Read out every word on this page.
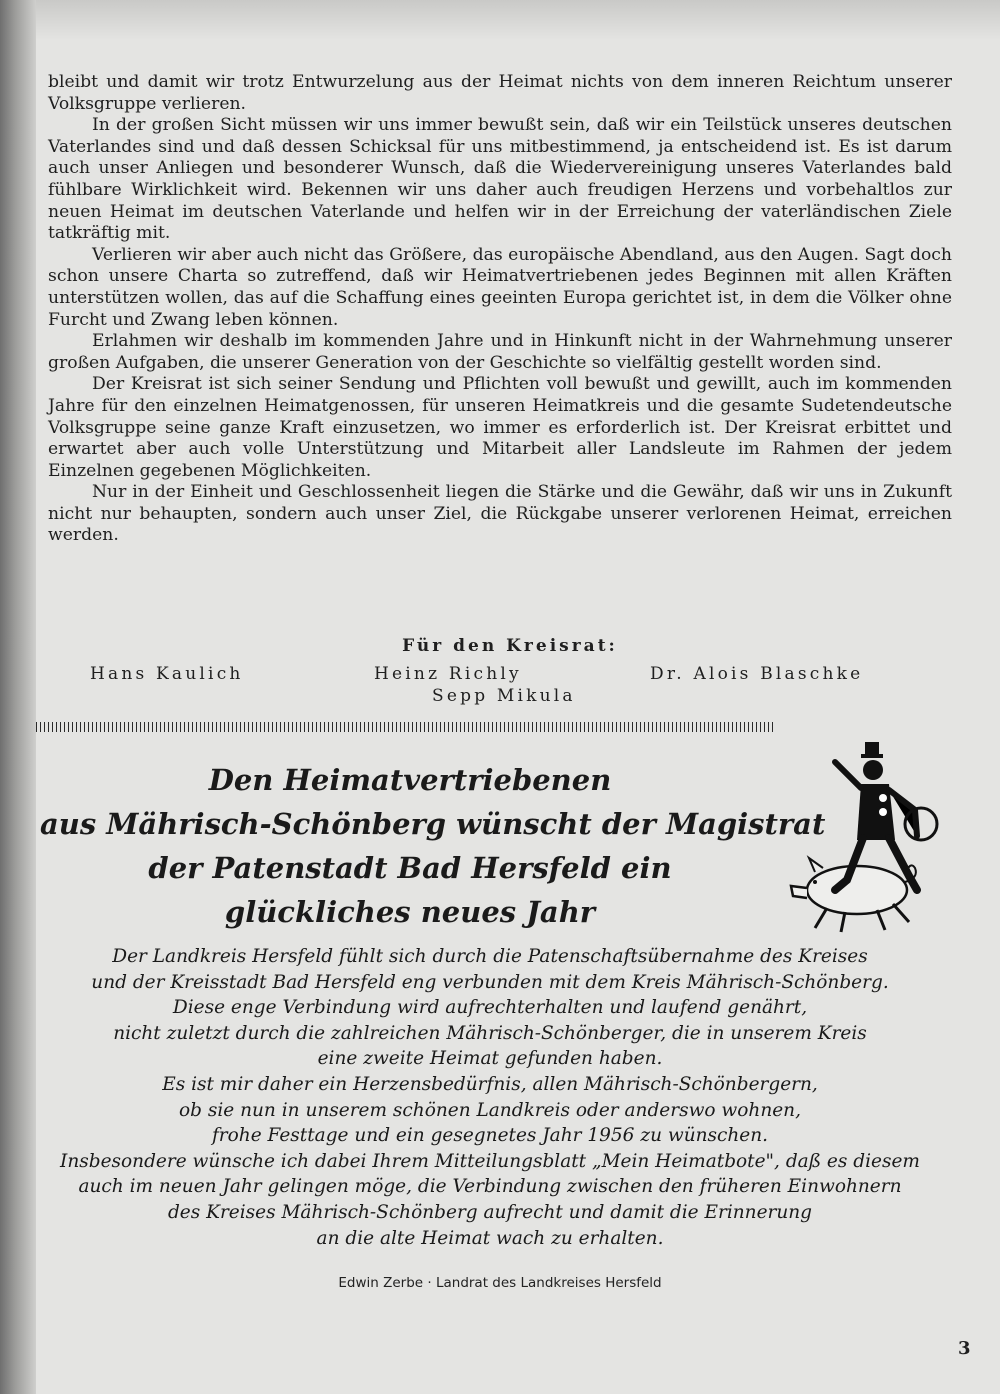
bleibt und damit wir trotz Entwurzelung aus der Heimat nichts von dem inneren Reichtum unserer Volksgruppe verlieren.

In der großen Sicht müssen wir uns immer bewußt sein, daß wir ein Teilstück unseres deutschen Vaterlandes sind und daß dessen Schicksal für uns mitbestimmend, ja entscheidend ist. Es ist darum auch unser Anliegen und besonderer Wunsch, daß die Wiedervereinigung unseres Vaterlandes bald fühlbare Wirklichkeit wird. Bekennen wir uns daher auch freudigen Herzens und vorbehaltlos zur neuen Heimat im deutschen Vaterlande und helfen wir in der Erreichung der vaterländischen Ziele tatkräftig mit.

Verlieren wir aber auch nicht das Größere, das europäische Abendland, aus den Augen. Sagt doch schon unsere Charta so zutreffend, daß wir Heimatvertriebenen jedes Beginnen mit allen Kräften unterstützen wollen, das auf die Schaffung eines geeinten Europa gerichtet ist, in dem die Völker ohne Furcht und Zwang leben können.

Erlahmen wir deshalb im kommenden Jahre und in Hinkunft nicht in der Wahrnehmung unserer großen Aufgaben, die unserer Generation von der Geschichte so vielfältig gestellt worden sind.

Der Kreisrat ist sich seiner Sendung und Pflichten voll bewußt und gewillt, auch im kommenden Jahre für den einzelnen Heimatgenossen, für unseren Heimatkreis und die gesamte Sudetendeutsche Volksgruppe seine ganze Kraft einzusetzen, wo immer es erforderlich ist. Der Kreisrat erbittet und erwartet aber auch volle Unterstützung und Mitarbeit aller Landsleute im Rahmen der jedem Einzelnen gegebenen Möglichkeiten.

Nur in der Einheit und Geschlossenheit liegen die Stärke und die Gewähr, daß wir uns in Zukunft nicht nur behaupten, sondern auch unser Ziel, die Rückgabe unserer verlorenen Heimat, erreichen werden.

Für den Kreisrat:
Hans Kaulich	Heinz Richly	Dr. Alois Blaschke
Sepp Mikula
Den Heimatvertriebenen
aus Mährisch-Schönberg wünscht der Magistrat
der Patenstadt Bad Hersfeld ein
glückliches neues Jahr
Der Landkreis Hersfeld fühlt sich durch die Patenschaftsübernahme des Kreises
und der Kreisstadt Bad Hersfeld eng verbunden mit dem Kreis Mährisch-Schönberg.
Diese enge Verbindung wird aufrechterhalten und laufend genährt,
nicht zuletzt durch die zahlreichen Mährisch-Schönberger, die in unserem Kreis
eine zweite Heimat gefunden haben.
Es ist mir daher ein Herzensbedürfnis, allen Mährisch-Schönbergern,
ob sie nun in unserem schönen Landkreis oder anderswo wohnen,
frohe Festtage und ein gesegnetes Jahr 1956 zu wünschen.
Insbesondere wünsche ich dabei Ihrem Mitteilungsblatt „Mein Heimatbote", daß es diesem
auch im neuen Jahr gelingen möge, die Verbindung zwischen den früheren Einwohnern
des Kreises Mährisch-Schönberg aufrecht und damit die Erinnerung
an die alte Heimat wach zu erhalten.
Edwin Zerbe · Landrat des Landkreises Hersfeld
3
